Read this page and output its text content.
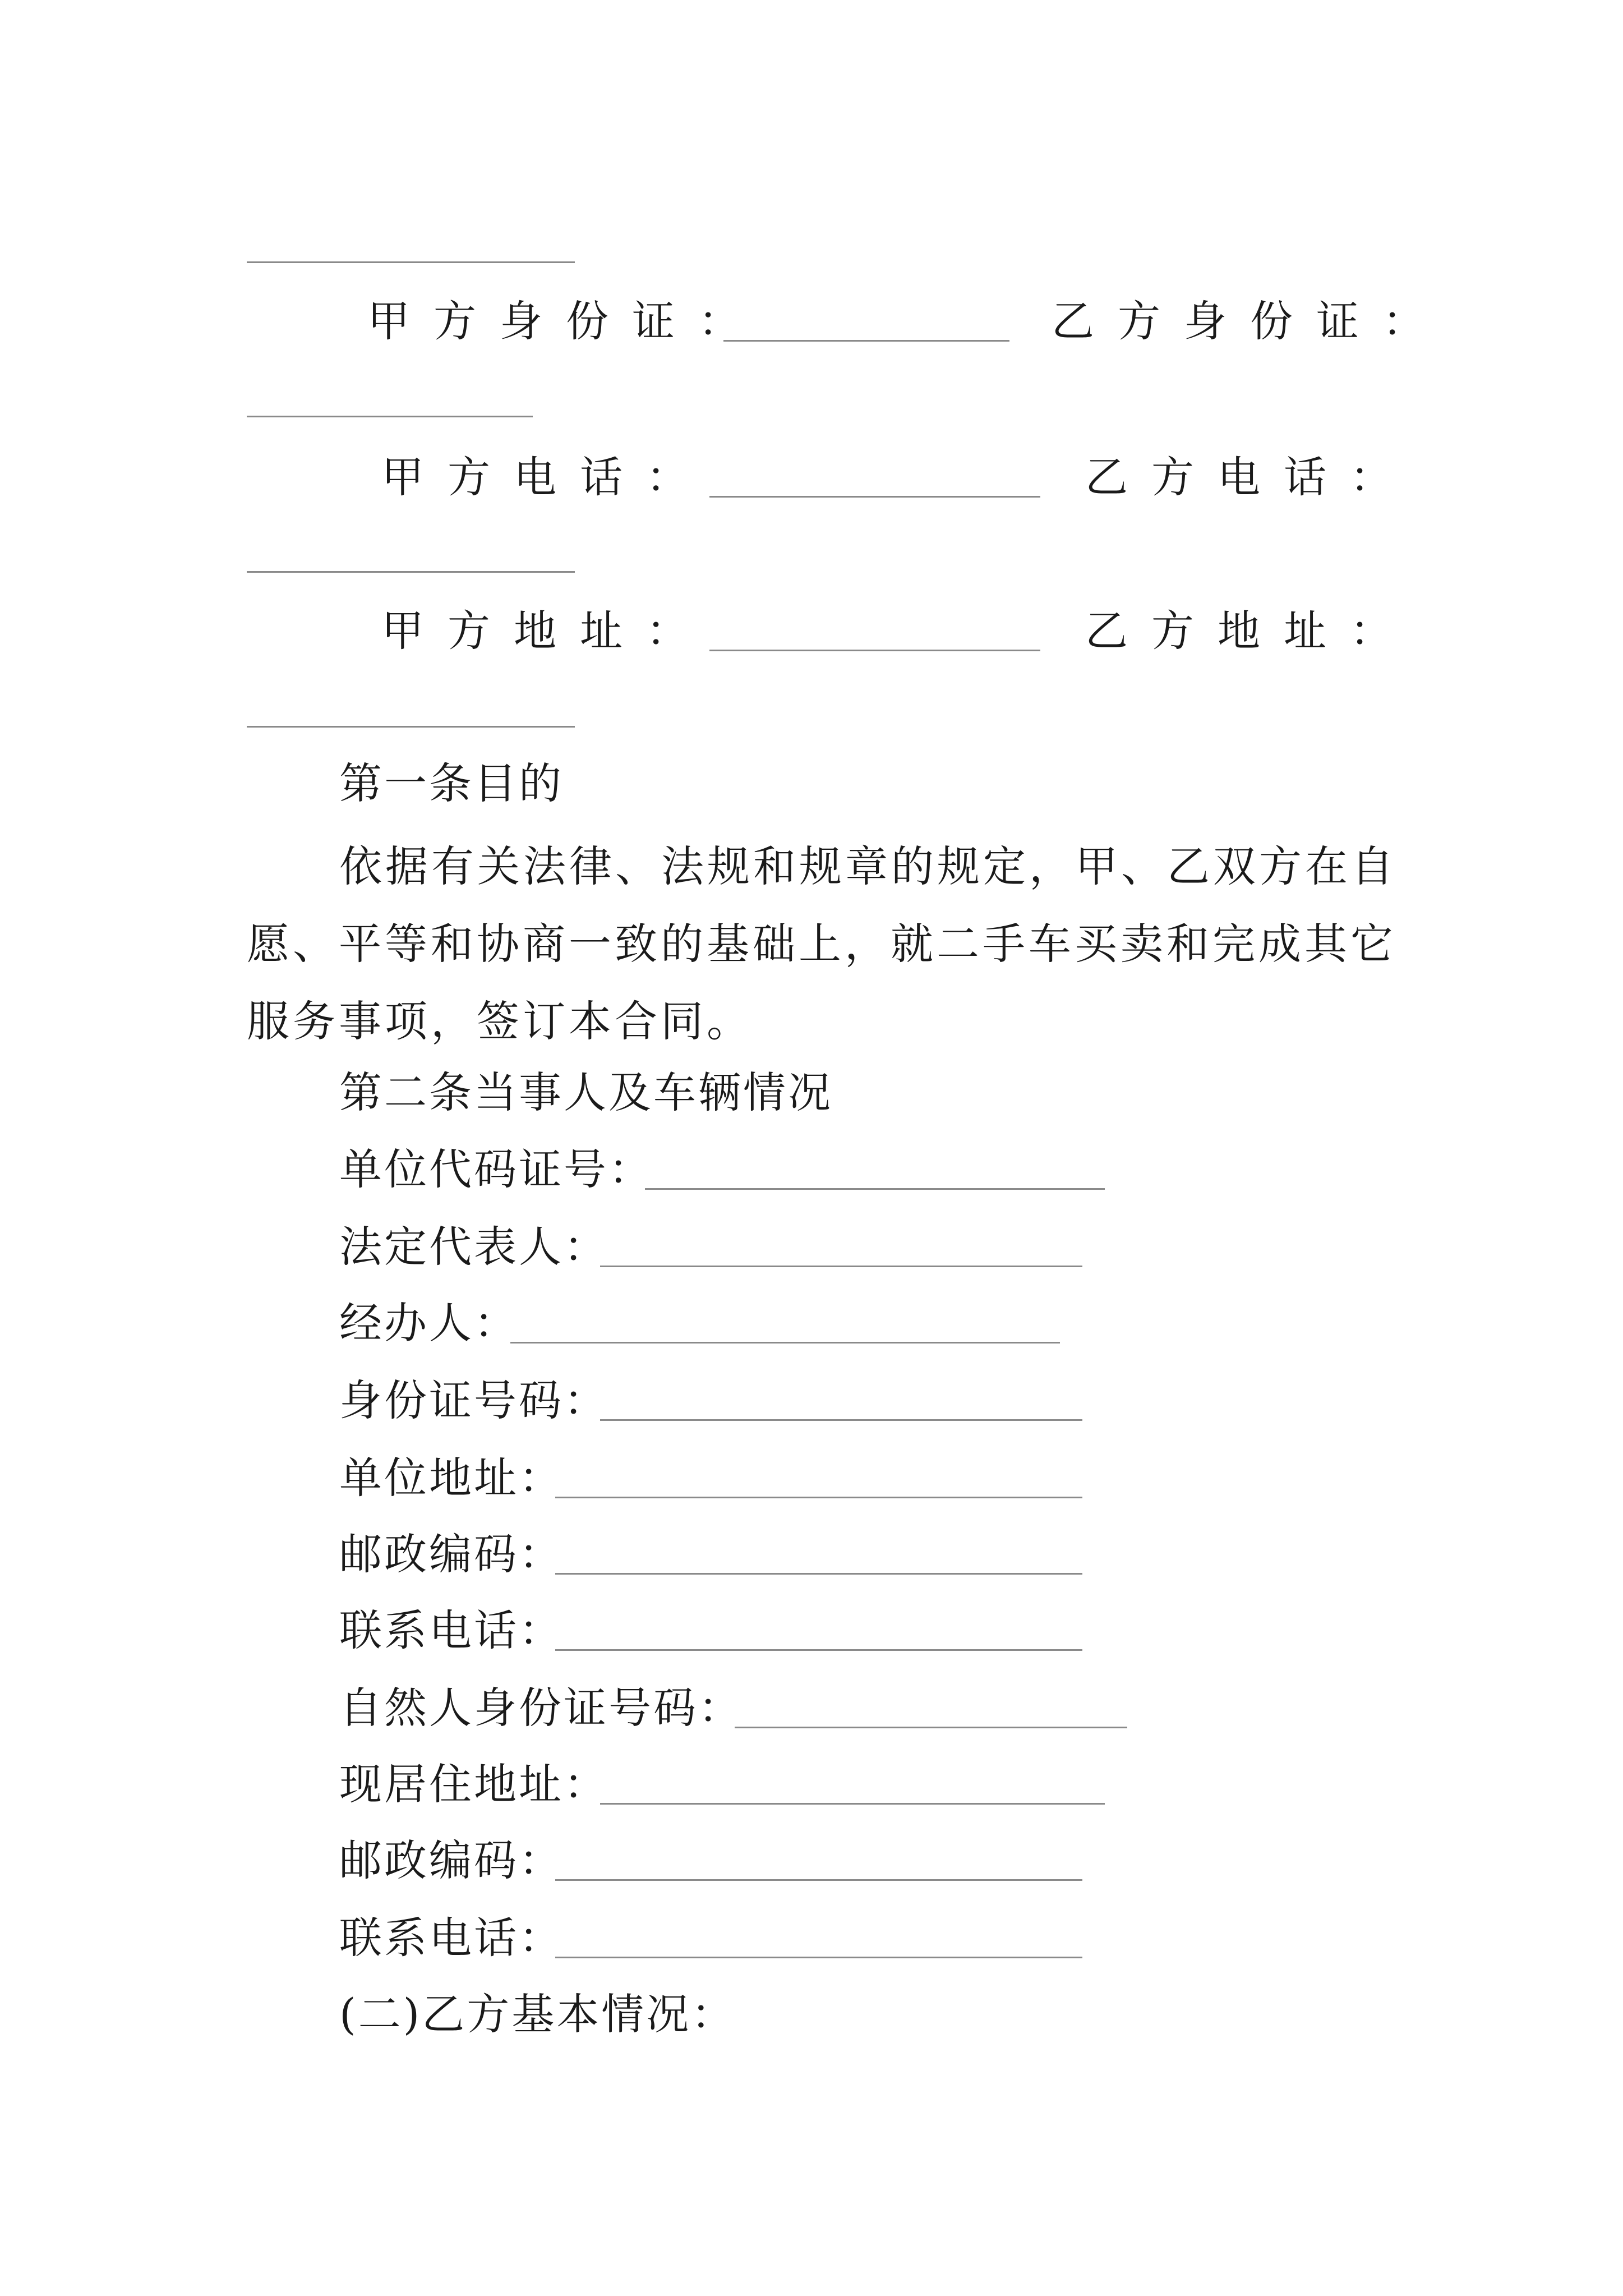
甲方身份证：	乙方身份证：
甲方电话：	乙方电话：
甲方地址：	乙方地址：
第一条目的
依据有关法律、法规和规章的规定，甲、乙双方在自愿、平等和协商一致的基础上，就二手车买卖和完成其它服务事项，签订本合同。
第二条当事人及车辆情况
单位代码证号：
法定代表人：
经办人：
身份证号码：
单位地址：
邮政编码：
联系电话：
自然人身份证号码：
现居住地址：
邮政编码：
联系电话：
(二)乙方基本情况：
